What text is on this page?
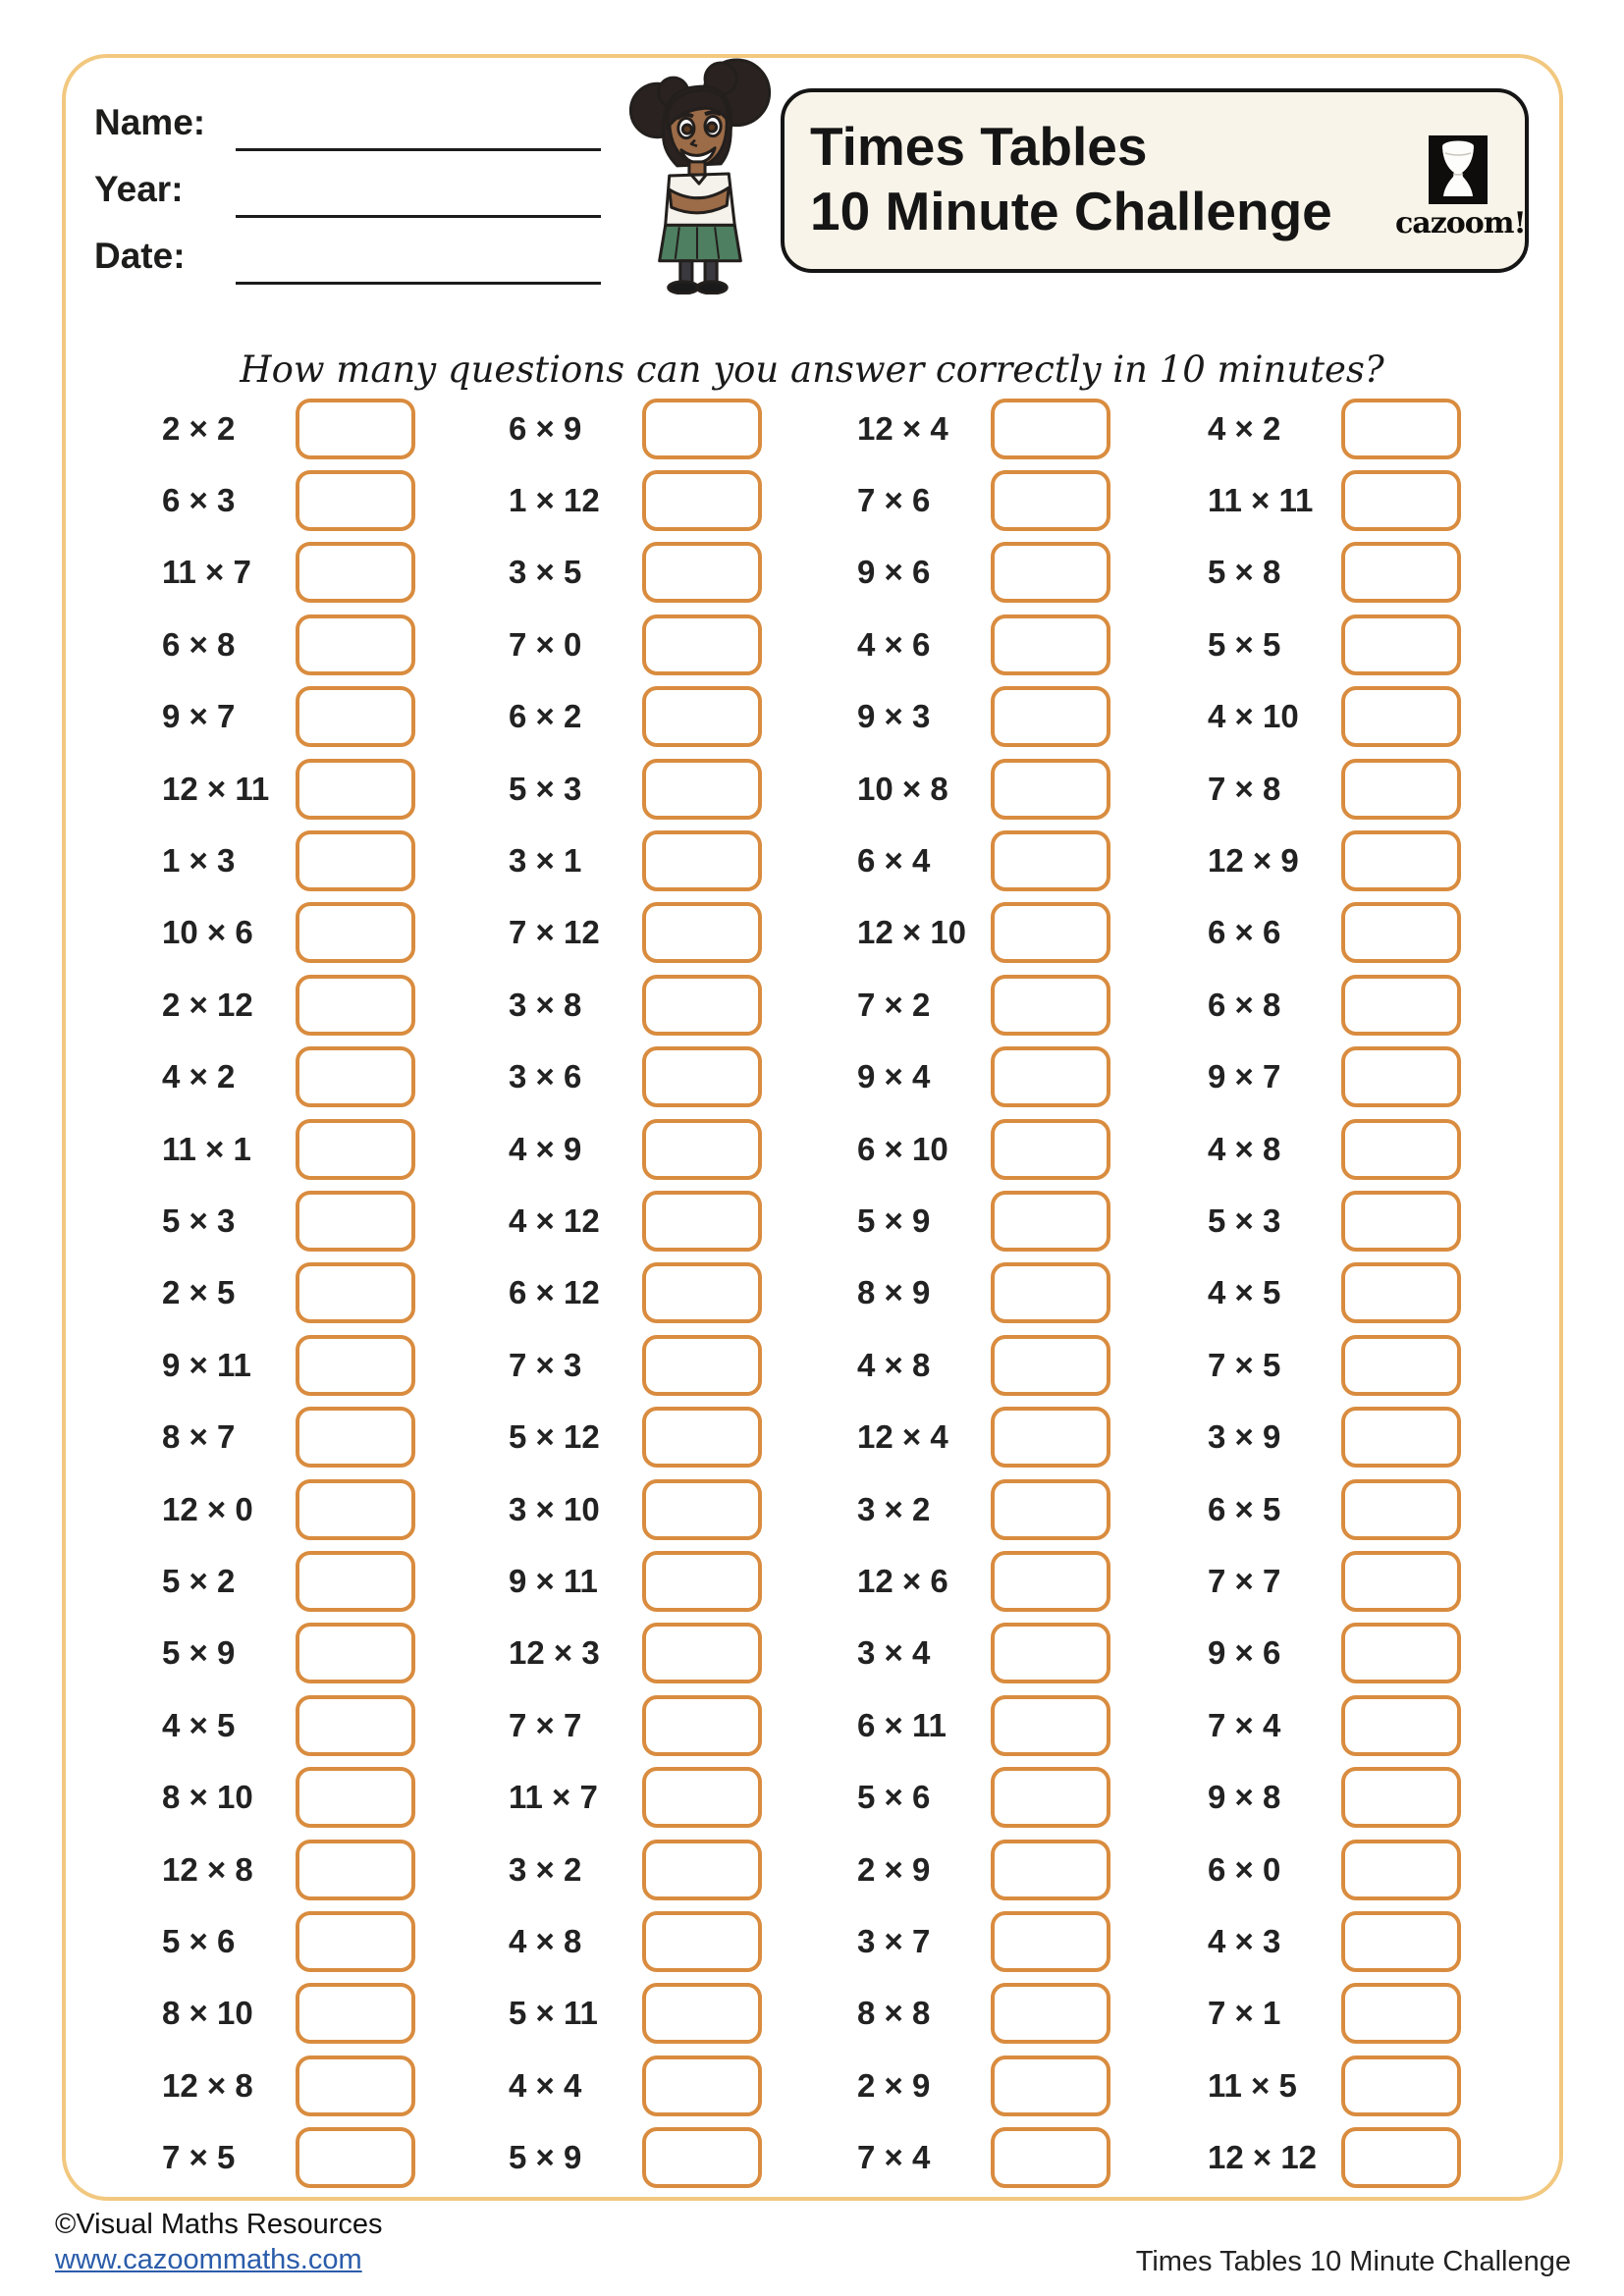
Name:
Year:
Date:
Times Tables
10 Minute Challenge cazoom!
How many questions can you answer correctly in 10 minutes?
2 × 2
6 × 3
11 × 7
6 × 8
9 × 7
12 × 11
1 × 3
10 × 6
2 × 12
4 × 2
11 × 1
5 × 3
2 × 5
9 × 11
8 × 7
12 × 0
5 × 2
5 × 9
4 × 5
8 × 10
12 × 8
5 × 6
8 × 10
12 × 8
7 × 5
6 × 9
1 × 12
3 × 5
7 × 0
6 × 2
5 × 3
3 × 1
7 × 12
3 × 8
3 × 6
4 × 9
4 × 12
6 × 12
7 × 3
5 × 12
3 × 10
9 × 11
12 × 3
7 × 7
11 × 7
3 × 2
4 × 8
5 × 11
4 × 4
5 × 9
12 × 4
7 × 6
9 × 6
4 × 6
9 × 3
10 × 8
6 × 4
12 × 10
7 × 2
9 × 4
6 × 10
5 × 9
8 × 9
4 × 8
12 × 4
3 × 2
12 × 6
3 × 4
6 × 11
5 × 6
2 × 9
3 × 7
8 × 8
2 × 9
7 × 4
4 × 2
11 × 11
5 × 8
5 × 5
4 × 10
7 × 8
12 × 9
6 × 6
6 × 8
9 × 7
4 × 8
5 × 3
4 × 5
7 × 5
3 × 9
6 × 5
7 × 7
9 × 6
7 × 4
9 × 8
6 × 0
4 × 3
7 × 1
11 × 5
12 × 12
©Visual Maths Resources
www.cazoommaths.com	Times Tables 10 Minute Challenge
